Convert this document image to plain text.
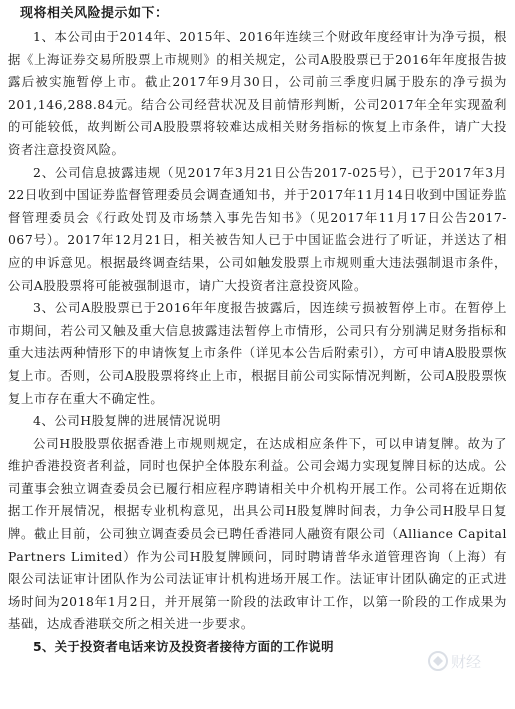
现将相关风险提示如下：

1、本公司由于2014年、2015年、2016年连续三个财政年度经审计为净亏损，根据《上海证券交易所股票上市规则》的相关规定，公司A股股票已于2016年年度报告披露后被实施暂停上市。截止2017年9月30日，公司前三季度归属于股东的净亏损为201,146,288.84元。结合公司经营状况及目前情形判断，公司2017年全年实现盈利的可能较低，故判断公司A股股票将较难达成相关财务指标的恢复上市条件，请广大投资者注意投资风险。

2、公司信息披露违规（见2017年3月21日公告2017-025号），已于2017年3月22日收到中国证券监督管理委员会调查通知书，并于2017年11月14日收到中国证券监督管理委员会《行政处罚及市场禁入事先告知书》（见2017年11月17日公告2017-067号）。2017年12月21日，相关被告知人已于中国证监会进行了听证，并送达了相应的申诉意见。根据最终调查结果，公司如触发股票上市规则重大违法强制退市条件，公司A股股票将可能被强制退市，请广大投资者注意投资风险。

3、公司A股股票已于2016年年度报告披露后，因连续亏损被暂停上市。在暂停上市期间，若公司又触及重大信息披露违法暂停上市情形，公司只有分别满足财务指标和重大违法两种情形下的申请恢复上市条件（详见本公告后附索引），方可申请A股股票恢复上市。否则，公司A股股票将终止上市，根据目前公司实际情况判断，公司A股股票恢复上市存在重大不确定性。

4、公司H股复牌的进展情况说明

公司H股股票依据香港上市规则规定，在达成相应条件下，可以申请复牌。故为了维护香港投资者利益，同时也保护全体股东利益。公司会竭力实现复牌目标的达成。公司董事会独立调查委员会已履行相应程序聘请相关中介机构开展工作。公司将在近期依据工作开展情况，根据专业机构意见，出具公司H股复牌时间表，力争公司H股早日复牌。截止目前，公司独立调查委员会已聘任香港同人融资有限公司（Alliance Capital Partners Limited）作为公司H股复牌顾问，同时聘请普华永道管理咨询（上海）有限公司法证审计团队作为公司法证审计机构进场开展工作。法证审计团队确定的正式进场时间为2018年1月2日，并开展第一阶段的法政审计工作，以第一阶段的工作成果为基础，达成香港联交所之相关进一步要求。

5、关于投资者电话来访及投资者接待方面的工作说明

财经
